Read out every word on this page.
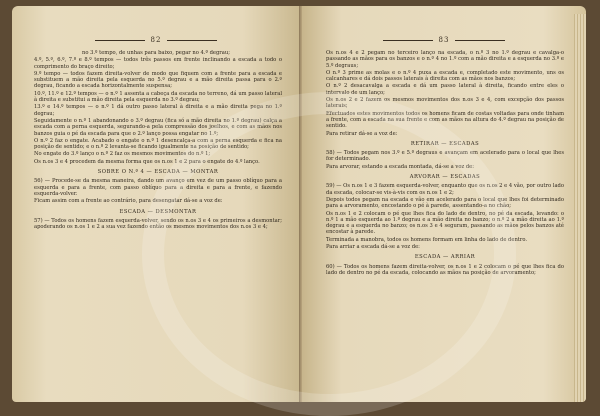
82

no 3.º tempo, de unhas para baixo, pegar no 4.º degrau;

4.º, 5.º, 6.º, 7.º e 8.º tempos — todos três passos em frente inclinando a escada a todo o comprimento do braço direito;

9.º tempo — todos fazem direita-volver de modo que fiquem com a frente para a escada e substituem a mão direita pela esquerda no 5.º degrau e a mão direita passa para o 2.º degrau, ficando a escada horizontalmente suspensa;

10.º, 11.º e 12.º tempos — o n.º 1 assenta a cabeça da escada no terreno, dá um passo lateral à direita e substitui a mão direita pela esquerda no 3.º degrau;

13.º e 14.º tempos — o n.º 1 dá outro passo lateral à direita e a mão direita pega no 1.º degrau;

Seguidamente o n.º 1 abandonando o 3.º degrau (fica só a mão direita no 1.º degrau) calça a escada com a perna esquerda, segurando-a pela compressão dos joelhos, e com as mãos nos banzos guia o pé da escada para que o 2.º lanço possa engatar no 1.º;

O n.º 2 faz o engate. Acabado o engate o n.º 1 desencalça-a com a perna esquerda e fica na posição de sentido; e o n.º 2 levanta-se ficando igualmente na posição de sentido;

No engate do 3.º lanço o n.º 2 faz os mesmos movimentos do n.º 1;

Os n.os 3 e 4 procedem da mesma forma que os n.os 1 e 2 para o engate do 4.º lanço.

SOBRE O N.º 4 — ESCADA — MONTAR

56) — Procede-se da mesma maneira, dando um avanço em vez de um passo oblíquo para a esquerda e para a frente, com passo oblíquo para a direita e para a frente, e fazendo esquerda-volver.

Ficam assim com a frente ao contrário, para desengatar dá-se a voz de:

ESCADA — DESMONTAR

57) — Todos os homens fazem esquerda-volver, sendo os n.os 3 e 4 os primeiros a desmontar; apoderando os n.os 1 e 2 a sua vez fazendo então os mesmos movimentos dos n.os 3 e 4;

83

Os n.os 4 e 2 pegam no terceiro lanço na escada, o n.º 3 no 1.º degrau e cavalga-o passando as mãos para os banzos e o n.º 4 no 1.º com a mão direita e a esquerda no 3.º e 5.º degraus;

O n.º 3 prime as molas e o n.º 4 puxa a escada e, completado este movimento, uns os calcanhares e dá dois passos laterais à direita com as mãos nos banzos;

O n.º 2 desacavalga a escada e dá um passo lateral à direita, ficando entre eles o intervalo de um lanço;

Os n.os 2 e 2 fazem os mesmos movimentos dos n.os 3 e 4, com excepção dos passos laterais;

Efectuados estes movimentos todos os homens ficam de costas voltadas para onde tinham a frente, com a escada na sua frente e com as mãos na altura do 4.º degrau na posição de sentido.

Para retirar dá-se a voz de:

RETIRAR — ESCADAS

58) — Todos pegam nos 3.º e 5.º degraus e avançam em acelerado para o local que lhes for determinado.

Para arvorar, estando a escada montada, dá-se a voz de:

ARVORAR — ESCADAS

59) — Os n.os 1 e 3 fazem esquerda-volver, enquanto que os n.os 2 e 4 vão, por outro lado da escada, colocar-se vis-à-vis com os n.os 1 e 2;

Depois todos pegam na escada e vão em acelerado para o local que lhes foi determinado para a arvoramento, encostando o pé à parede, assentando-a no chão;

Os n.os 1 e 2 colocam o pé que lhes fica do lado de dentro, no pé da escada, levando: o n.º 1 a mão esquerda ao 1.º degrau e a mão direita no banzo; o n.º 2 a mão direita ao 1.º degrau e a esquerda no banzo; os n.os 3 e 4 seguram, passando as mãos pelos banzos até encostar à parede.

Terminada a manobra, todos os homens formam em linha do lado de dentro.

Para arriar a escada dá-se a voz de:

ESCADA — ARRIAR

60) — Todos os homens fazem direita-volver, os n.os 1 e 2 colocam o pé que lhes fica do lado de dentro no pé da escada, colocando as mãos na posição de arvoramento;
